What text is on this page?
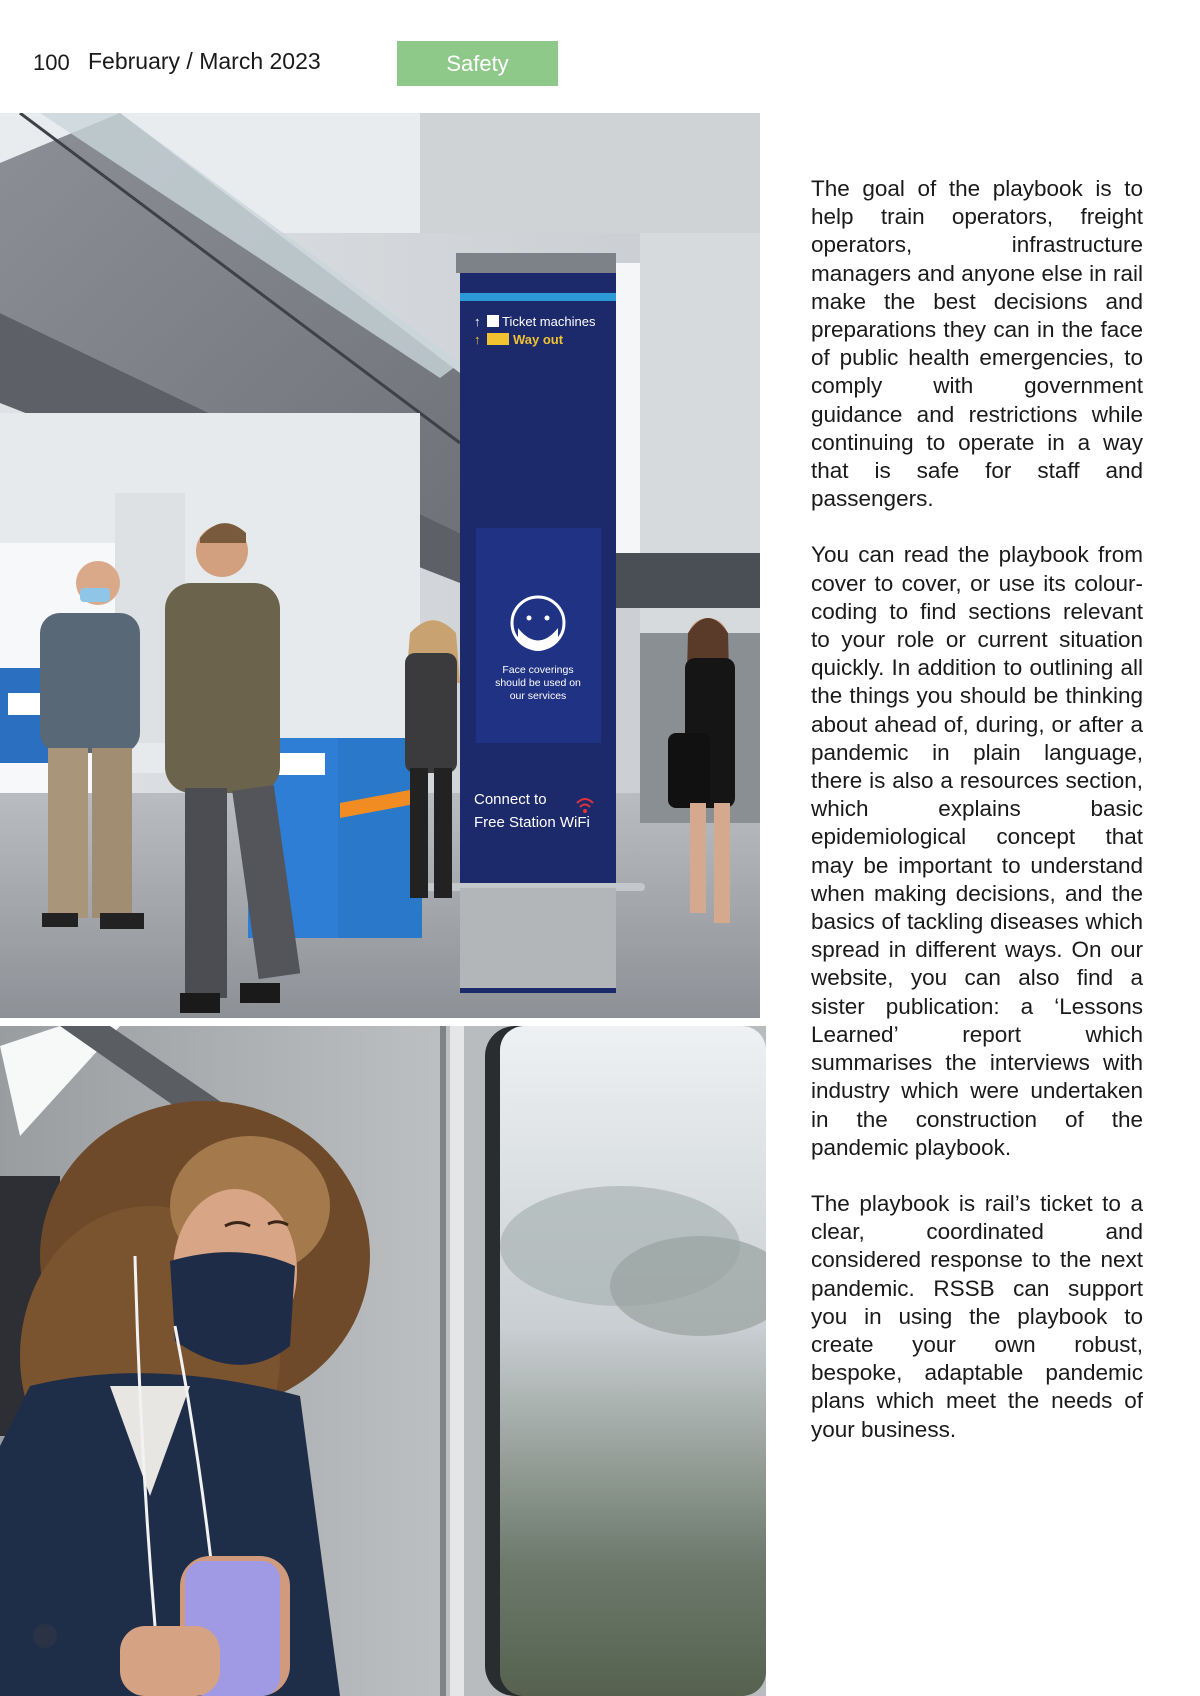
100 February / March 2023	Safety
↑ Ticket machines
↑	Way out
Face coverings
should be used on
our services
Connect to
Free Station WiFi

The goal of the playbook is to help train operators, freight operators, infrastructure managers and anyone else in rail make the best decisions and preparations they can in the face of public health emergencies, to comply with government guidance and restrictions while continuing to operate in a way that is safe for staff and passengers.

You can read the playbook from cover to cover, or use its colour-coding to find sections relevant to your role or current situation quickly. In addition to outlining all the things you should be thinking about ahead of, during, or after a pandemic in plain language, there is also a resources section, which explains basic epidemiological concept that may be important to understand when making decisions, and the basics of tackling diseases which spread in different ways. On our website, you can also find a sister publication: a ‘Lessons Learned’ report which summarises the interviews with industry which were undertaken in the construction of the pandemic playbook.

The playbook is rail’s ticket to a clear, coordinated and considered response to the next pandemic. RSSB can support you in using the playbook to create your own robust, bespoke, adaptable pandemic plans which meet the needs of your business.
